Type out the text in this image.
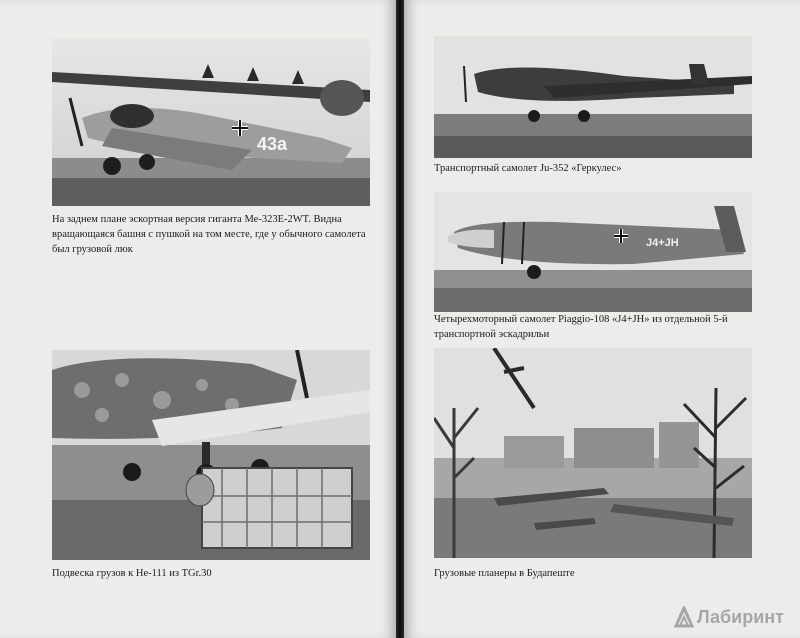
43a

На заднем плане эскортная версия гиганта Ме-323Е-2WT. Видна вращающаяся башня с пушкой на том месте, где у обычного самолета был грузовой люк

Подвеска грузов к He-111 из TGr.30

Транспортный самолет Ju-352 «Геркулес»

J4+JH

Четырехмоторный самолет Piaggio-108 «J4+JH» из отдельной 5-й транспортной эскадрильи

Грузовые планеры в Будапеште

Лабиринт
